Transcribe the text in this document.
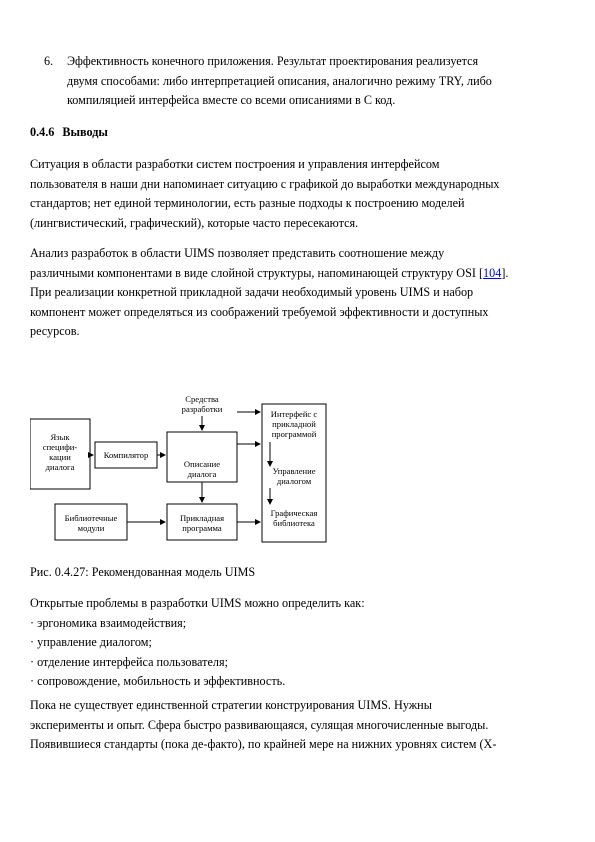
6. Эффективность конечного приложения. Результат проектирования реализуется
двумя способами: либо интерпретацией описания, аналогично режиму TRY, либо
компиляцией интерфейса вместе со всеми описаниями в C код.
0.4.6 Выводы
Ситуация в области разработки систем построения и управления интерфейсом
пользователя в наши дни напоминает ситуацию с графикой до выработки международных
стандартов; нет единой терминологии, есть разные подходы к построению моделей
(лингвистический, графический), которые часто пересекаются.
Анализ разработок в области UIMS позволяет представить соотношение между
различными компонентами в виде слойной структуры, напоминающей структуру OSI [104].
При реализации конкретной прикладной задачи необходимый уровень UIMS и набор
компонент может определяться из соображений требуемой эффективности и доступных
ресурсов.
Язык специфи-кации диалога
Компилятор
Средства разработки
Описание диалога
Библиотечные модули
Прикладная программа
Интерфейс с прикладной программой
Управление диалогом
Графическая библиотека
Рис. 0.4.27: Рекомендованная модель UIMS
Открытые проблемы в разработки UIMS можно определить как:
· эргономика взаимодействия;
· управление диалогом;
· отделение интерфейса пользователя;
· сопровождение, мобильность и эффективность.
Пока не существует единственной стратегии конструирования UIMS. Нужны
эксперименты и опыт. Сфера быстро развивающаяся, сулящая многочисленные выгоды.
Появившиеся стандарты (пока де-факто), по крайней мере на нижних уровнях систем (X-
